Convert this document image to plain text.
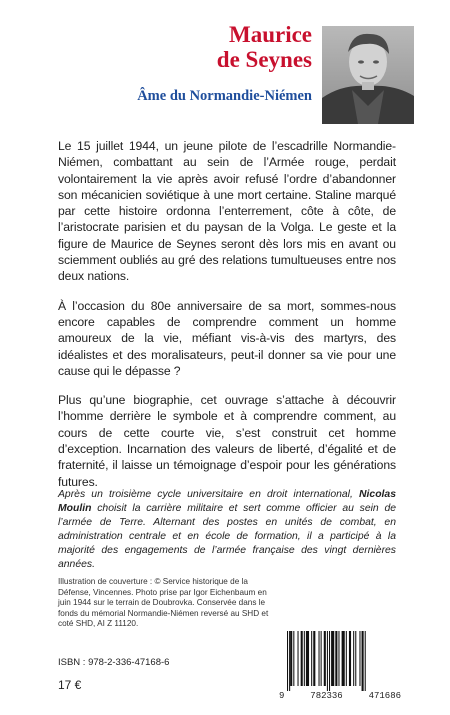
Maurice
de Seynes
Âme du Normandie-Niémen

Le 15 juillet 1944, un jeune pilote de l’escadrille Normandie-Niémen, combattant au sein de l’Armée rouge, perdait volontairement la vie après avoir refusé l’ordre d’abandonner son mécanicien soviétique à une mort certaine. Staline marqué par cette histoire ordonna l’enterrement, côte à côte, de l’aristocrate parisien et du paysan de la Volga. Le geste et la figure de Maurice de Seynes seront dès lors mis en avant ou sciemment oubliés au gré des relations tumultueuses entre nos deux nations.

À l’occasion du 80e anniversaire de sa mort, sommes-nous encore capables de comprendre comment un homme amoureux de la vie, méfiant vis-à-vis des martyrs, des idéalistes et des moralisateurs, peut-il donner sa vie pour une cause qui le dépasse ?

Plus qu’une biographie, cet ouvrage s’attache à découvrir l’homme derrière le symbole et à comprendre comment, au cours de cette courte vie, s’est construit cet homme d’exception. Incarnation des valeurs de liberté, d’égalité et de fraternité, il laisse un témoignage d’espoir pour les générations futures.

Après un troisième cycle universitaire en droit international, Nicolas Moulin choisit la carrière militaire et sert comme officier au sein de l’armée de Terre. Alternant des postes en unités de combat, en administration centrale et en école de formation, il a participé à la majorité des engagements de l’armée française des vingt dernières années.
Illustration de couverture : © Service historique de la Défense, Vincennes. Photo prise par Igor Eichenbaum en juin 1944 sur le terrain de Doubrovka. Conservée dans le fonds du mémorial Normandie-Niémen reversé au SHD et coté SHD, AI Z 11120.
ISBN : 978-2-336-47168-6
17 €
9	782336	471686
